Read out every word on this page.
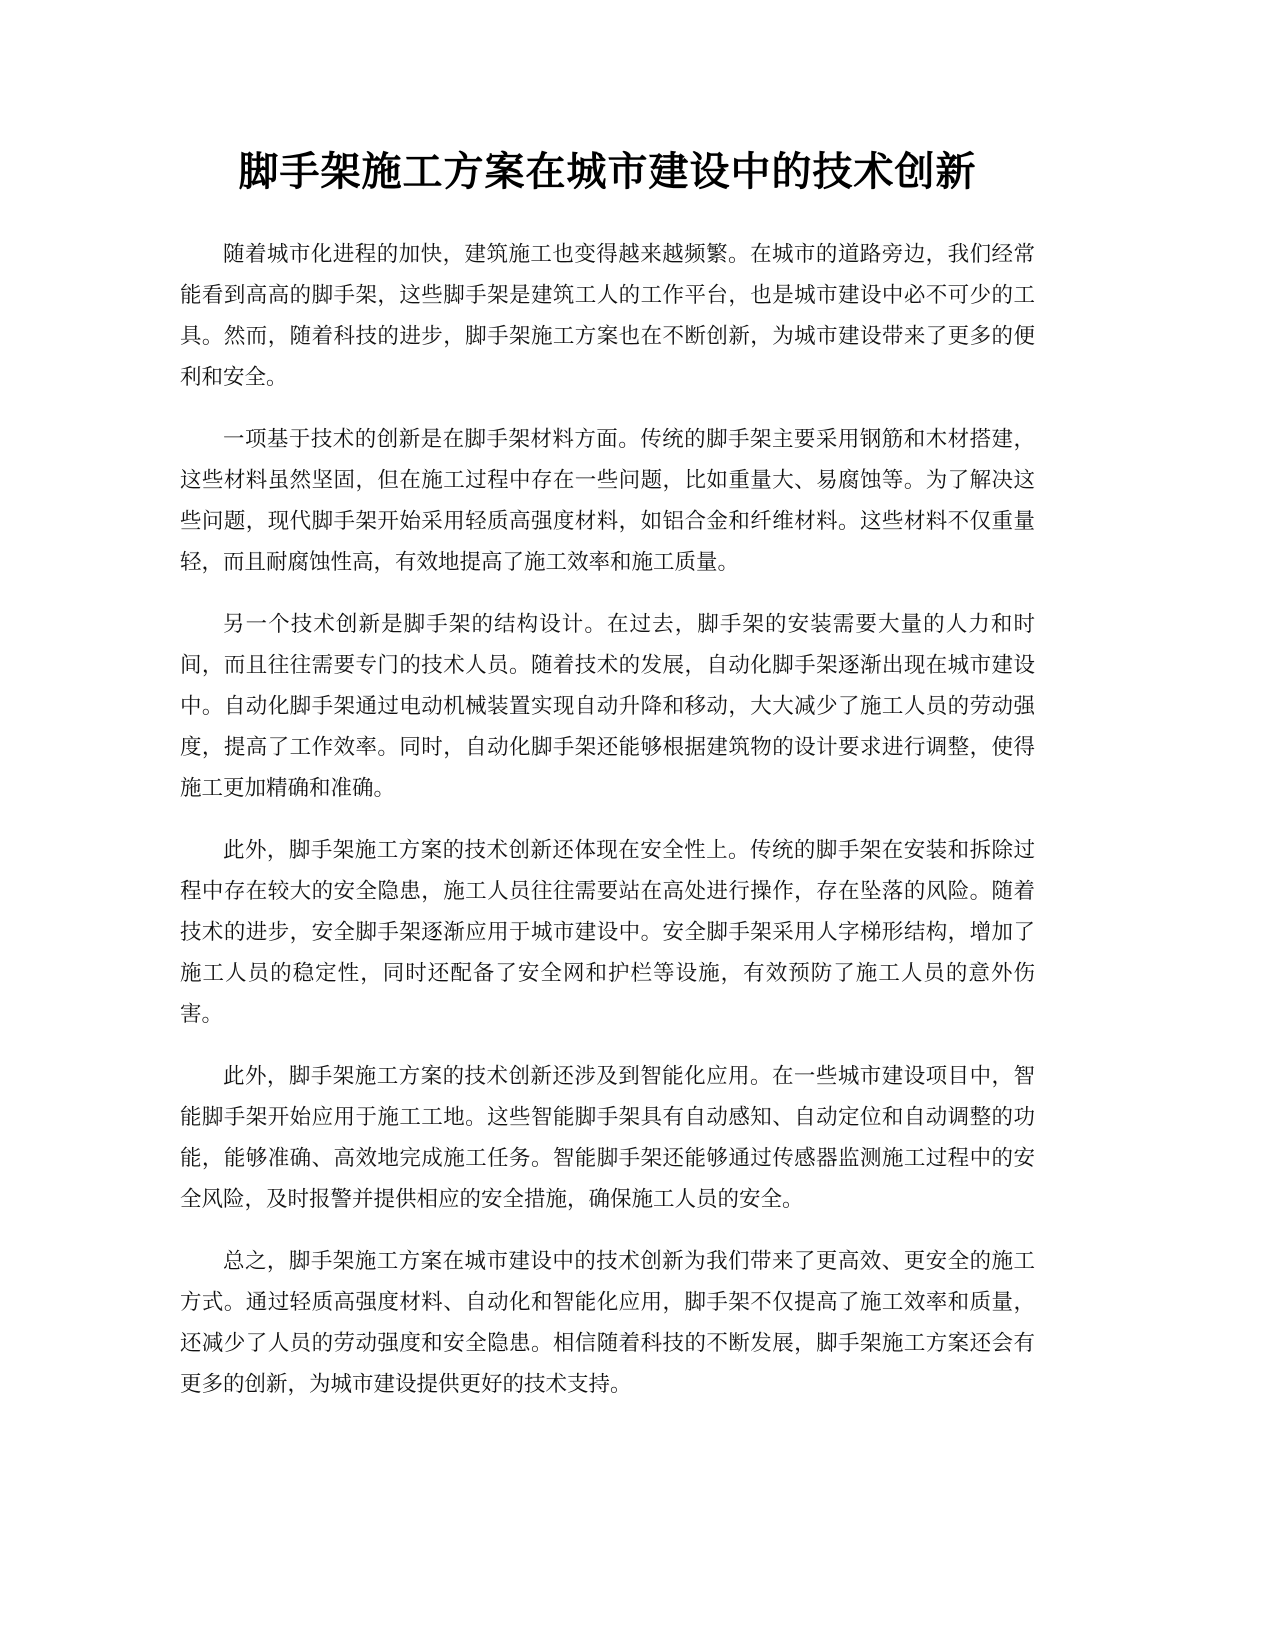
脚手架施工方案在城市建设中的技术创新

随着城市化进程的加快，建筑施工也变得越来越频繁。在城市的道路旁边，我们经常能看到高高的脚手架，这些脚手架是建筑工人的工作平台，也是城市建设中必不可少的工具。然而，随着科技的进步，脚手架施工方案也在不断创新，为城市建设带来了更多的便利和安全。

一项基于技术的创新是在脚手架材料方面。传统的脚手架主要采用钢筋和木材搭建，这些材料虽然坚固，但在施工过程中存在一些问题，比如重量大、易腐蚀等。为了解决这些问题，现代脚手架开始采用轻质高强度材料，如铝合金和纤维材料。这些材料不仅重量轻，而且耐腐蚀性高，有效地提高了施工效率和施工质量。

另一个技术创新是脚手架的结构设计。在过去，脚手架的安装需要大量的人力和时间，而且往往需要专门的技术人员。随着技术的发展，自动化脚手架逐渐出现在城市建设中。自动化脚手架通过电动机械装置实现自动升降和移动，大大减少了施工人员的劳动强度，提高了工作效率。同时，自动化脚手架还能够根据建筑物的设计要求进行调整，使得施工更加精确和准确。

此外，脚手架施工方案的技术创新还体现在安全性上。传统的脚手架在安装和拆除过程中存在较大的安全隐患，施工人员往往需要站在高处进行操作，存在坠落的风险。随着技术的进步，安全脚手架逐渐应用于城市建设中。安全脚手架采用人字梯形结构，增加了施工人员的稳定性，同时还配备了安全网和护栏等设施，有效预防了施工人员的意外伤害。

此外，脚手架施工方案的技术创新还涉及到智能化应用。在一些城市建设项目中，智能脚手架开始应用于施工工地。这些智能脚手架具有自动感知、自动定位和自动调整的功能，能够准确、高效地完成施工任务。智能脚手架还能够通过传感器监测施工过程中的安全风险，及时报警并提供相应的安全措施，确保施工人员的安全。

总之，脚手架施工方案在城市建设中的技术创新为我们带来了更高效、更安全的施工方式。通过轻质高强度材料、自动化和智能化应用，脚手架不仅提高了施工效率和质量，还减少了人员的劳动强度和安全隐患。相信随着科技的不断发展，脚手架施工方案还会有更多的创新，为城市建设提供更好的技术支持。
